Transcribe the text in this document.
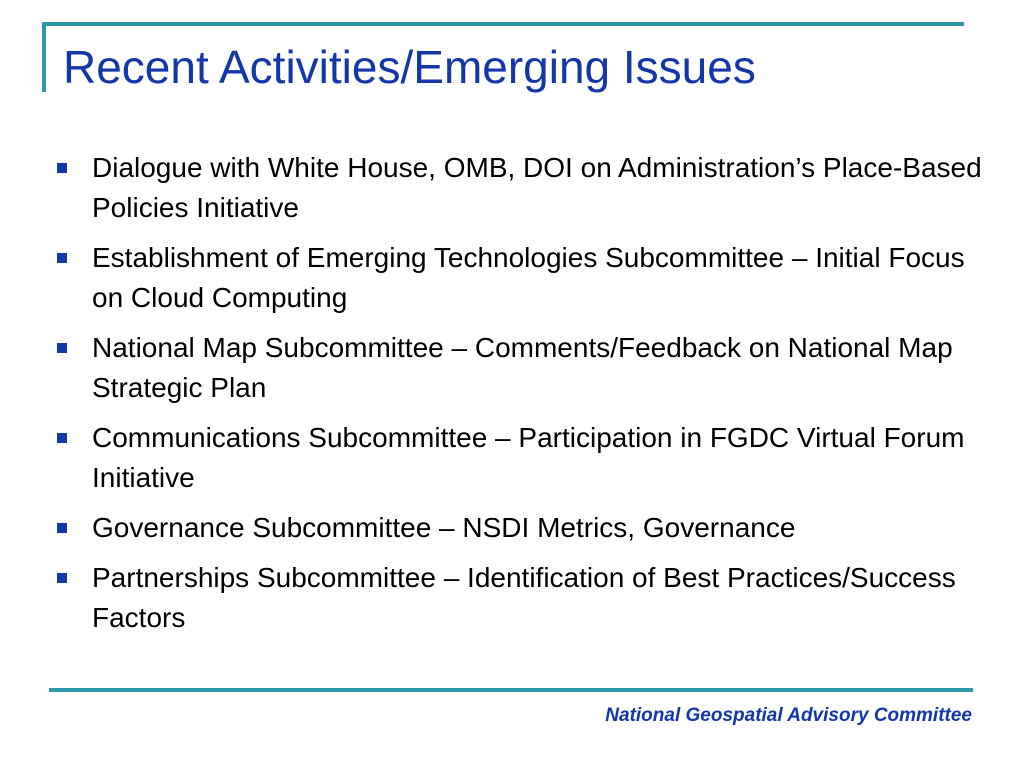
Recent Activities/Emerging Issues
Dialogue with White House, OMB, DOI on Administration’s Place-Based Policies Initiative
Establishment of Emerging Technologies Subcommittee – Initial Focus on Cloud Computing
National Map Subcommittee – Comments/Feedback on National Map Strategic Plan
Communications Subcommittee – Participation in FGDC Virtual Forum Initiative
Governance Subcommittee – NSDI Metrics, Governance
Partnerships Subcommittee – Identification of Best Practices/Success Factors
National Geospatial Advisory Committee
